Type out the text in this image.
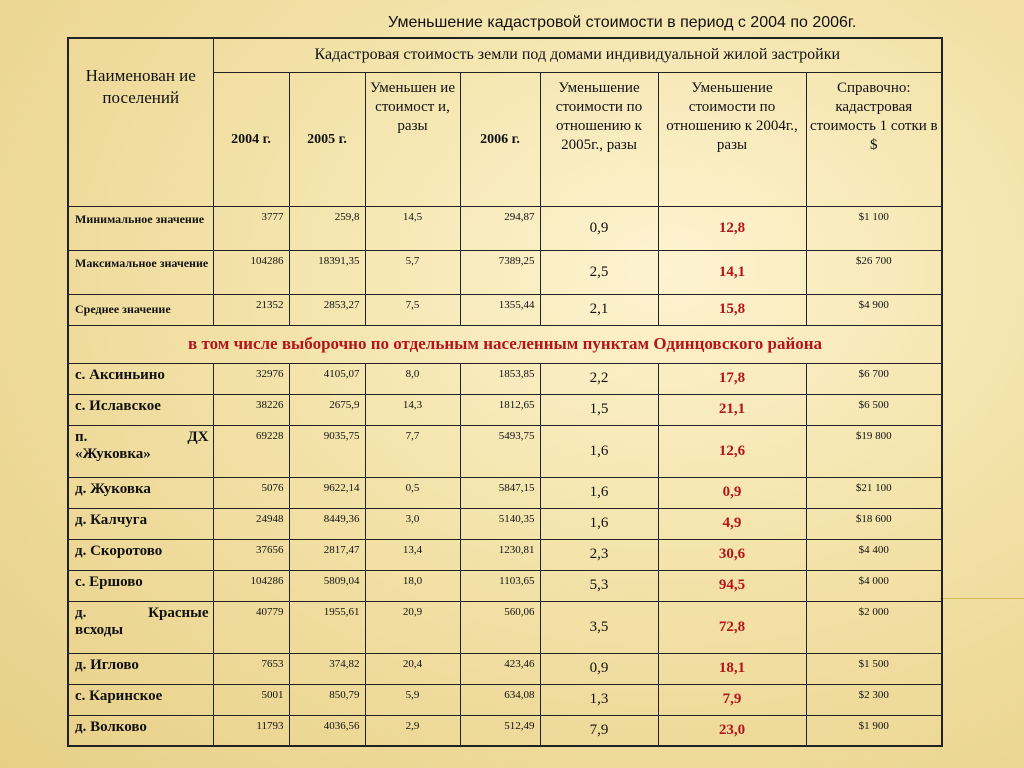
Уменьшение кадастровой стоимости в период с 2004 по 2006г.
Наименован ие поселений	Кадастровая стоимость земли под домами индивидуальной жилой застройки						
	2004 г.	2005 г.	Уменьшен ие стоимост и, разы	2006 г.	Уменьшение стоимости по отношению к 2005г., разы	Уменьшение стоимости по отношению к 2004г., разы	Справочно: кадастровая стоимость 1 сотки в $
Минимальное значение	3777	259,8	14,5	294,87	0,9	12,8	$1 100
Максимальное значение	104286	18391,35	5,7	7389,25	2,5	14,1	$26 700
Среднее значение	21352	2853,27	7,5	1355,44	2,1	15,8	$4 900
в том числе выборочно по отдельным населенным пунктам Одинцовского района							
с. Аксиньино	32976	4105,07	8,0	1853,85	2,2	17,8	$6 700
с. Иславское	38226	2675,9	14,3	1812,65	1,5	21,1	$6 500

п. ДХ
«Жуковка»	69228	9035,75	7,7	5493,75	1,6	12,6	$19 800
д. Жуковка	5076	9622,14	0,5	5847,15	1,6	0,9	$21 100
д. Калчуга	24948	8449,36	3,0	5140,35	1,6	4,9	$18 600
д. Скоротово	37656	2817,47	13,4	1230,81	2,3	30,6	$4 400
с. Ершово	104286	5809,04	18,0	1103,65	5,3	94,5	$4 000

д. Красные
всходы	40779	1955,61	20,9	560,06	3,5	72,8	$2 000
д. Иглово	7653	374,82	20,4	423,46	0,9	18,1	$1 500
с. Каринское	5001	850,79	5,9	634,08	1,3	7,9	$2 300
д. Волково	11793	4036,56	2,9	512,49	7,9	23,0	$1 900
